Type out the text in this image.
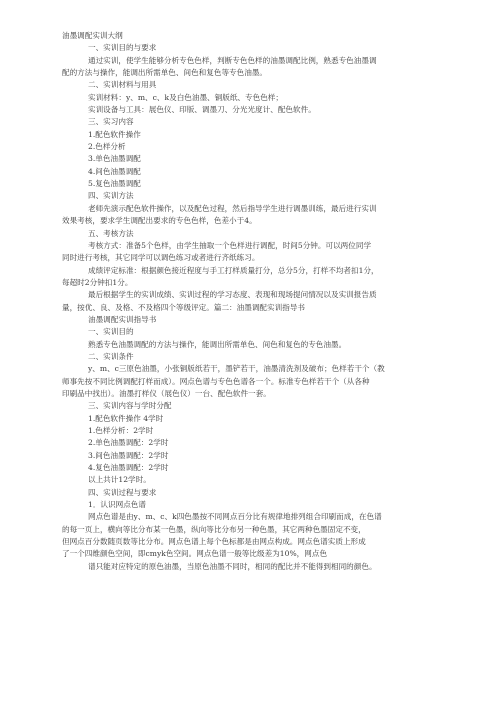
油墨调配实训大纲
一、实训目的与要求
通过实训，使学生能够分析专色色样，判断专色色样的油墨调配比例，熟悉专色油墨调
配的方法与操作，能调出所需单色、间色和复色等专色油墨。
二、实训材料与用具
实训材料：y、m、c、k及白色油墨、铜版纸、专色色样；
实训设备与工具：展色仪、印版、调墨刀、分光光度计、配色软件。
三、实习内容
1.配色软件操作
2.色样分析
3.单色油墨调配
4.间色油墨调配
5.复色油墨调配
四、实训方法
老师先演示配色软件操作，以及配色过程，然后指导学生进行调墨训练，最后进行实训
效果考核，要求学生调配出要求的专色色样，色差小于4。
五、考核方法
考核方式：准备5个色样，由学生抽取一个色样进行调配，时间5分钟。可以两位同学
同时进行考核，其它同学可以调色练习或者进行齐纸练习。
成绩评定标准：根据颜色接近程度与手工打样质量打分，总分5分，打样不均者扣1分，
每超时2分钟扣1分。
最后根据学生的实训成绩、实训过程的学习态度、表现和现场提问情况以及实训报告质
量，按优、良、及格、不及格四个等级评定。篇二：油墨调配实训指导书
油墨调配实训指导书
一、实训目的
熟悉专色油墨调配的方法与操作，能调出所需单色、间色和复色的专色油墨。
二、实训条件
y、m、c三原色油墨，小张铜版纸若干，墨铲若干，油墨清洗剂及破布；色样若干个（教
师事先按不同比例调配打样而成）。网点色谱与专色色谱各一个。标准专色样若干个（从各种
印刷品中找出）。油墨打样仪（展色仪）一台、配色软件一套。
三、实训内容与学时分配
1.配色软件操作 4学时
1.色样分析：2学时
2.单色油墨调配：2学时
3.间色油墨调配：2学时
4.复色油墨调配：2学时
以上共计12学时。
四、实训过程与要求
1．认识网点色谱
网点色谱是由y、m、c、k四色墨按不同网点百分比有规律地排列组合印刷而成，在色谱
的每一页上，横向等比分布某一色墨，纵向等比分布另一种色墨，其它两种色墨固定不变，
但网点百分数随页数等比分布。网点色谱上每个色标都是由网点构成。网点色谱实质上形成
了一个四维颜色空间，即cmyk色空间。网点色谱一般等比级差为10%，网点色
谱只能对应特定的原色油墨，当原色油墨不同时，相同的配比并不能得到相同的颜色。
